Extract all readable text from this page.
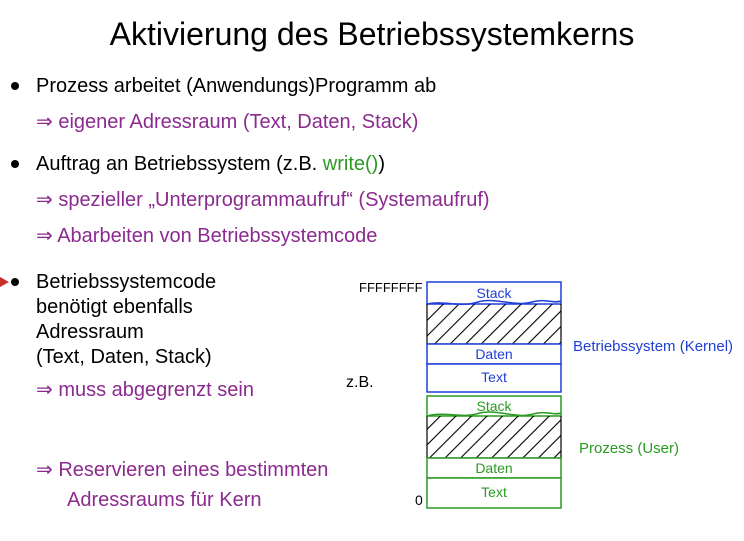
Aktivierung des Betriebssystemkerns
Prozess arbeitet (Anwendungs)Programm ab
⇒ eigener Adressraum (Text, Daten, Stack)
Auftrag an Betriebssystem (z.B. write())
⇒ spezieller „Unterprogrammaufruf“ (Systemaufruf)
⇒ Abarbeiten von Betriebssystemcode
Betriebssystemcode
benötigt ebenfalls
Adressraum
(Text, Daten, Stack)
⇒ muss abgegrenzt sein
⇒ Reservieren eines bestimmten
Adressraums für Kern
FFFFFFFF
z.B.
0
Betriebssystem (Kernel)
Prozess (User)
Stack
Daten
Text
Stack
Daten
Text
